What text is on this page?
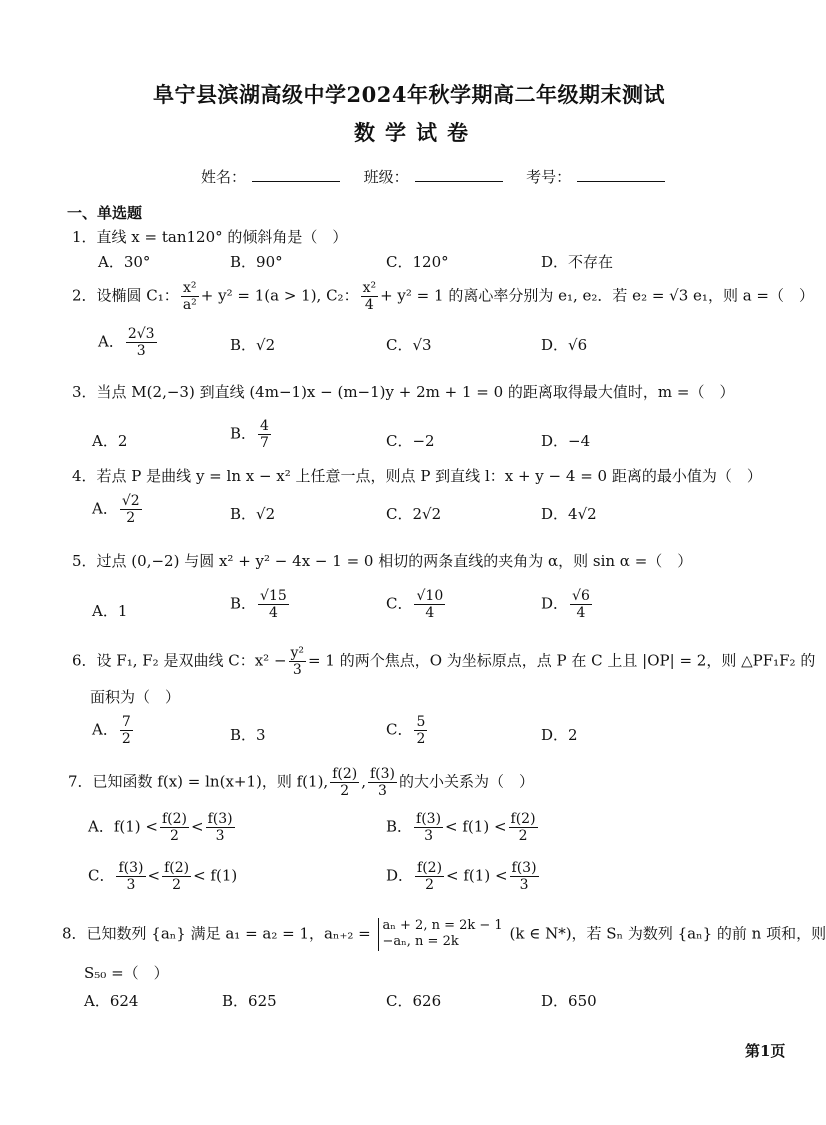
阜宁县滨湖高级中学2024年秋学期高二年级期末测试
数学试卷
姓名：	班级：	考号：
一、单选题
1．直线 x = tan120° 的倾斜角是（　）
A．30°	B．90°	C．120°	D．不存在
2．设椭圆 C₁： $\frac{\text{x²}}{\text{a²}} + y^2 = 1(a > 1)$, C₂： $\frac{\text{x²}}{4} + y^2 = 1$ 的离心率分别为 e₁, e₂．若 e₂ = √3 e₁，则 a =（　）
A． $\frac{2√3}{3}$	B．√2	C．√3	D．√6
3．当点 M(2,−3) 到直线 (4m−1)x − (m−1)y + 2m + 1 = 0 的距离取得最大值时，m =（　）
A．2	B． $\frac{4}{7}$	C．−2	D．−4
4．若点 P 是曲线 y = ln x − x² 上任意一点，则点 P 到直线 l：x + y − 4 = 0 距离的最小值为（　）
A． $\frac{√2}{2}$	B．√2	C．2√2	D．4√2
5．过点 (0,−2) 与圆 x² + y² − 4x − 1 = 0 相切的两条直线的夹角为 α，则 sin α =（　）
A．1	B． $\frac{√15}{4}$	C． $\frac{√10}{4}$	D． $\frac{√6}{4}$
6．设 F₁, F₂ 是双曲线 C：$x^2 - \frac{\text{y²}}{3} = 1$ 的两个焦点，O 为坐标原点，点 P 在 C 上且 |OP| = 2，则 △PF₁F₂ 的
面积为（　）
A． $\frac{7}{2}$	B．3	C． $\frac{5}{2}$	D．2
7．已知函数 f(x) = ln(x+1)，则 f(1), $\frac{f(2)}{2}$ , $\frac{f(3)}{3}$ 的大小关系为（　）
A．$f(1) < \frac{f(2)}{2} < \frac{f(3)}{3}$	B． $\frac{f(3)}{3} < f(1) < \frac{f(2)}{2}$
C． $\frac{f(3)}{3} < \frac{f(2)}{2} < f(1)$	D． $\frac{f(2)}{2} < f(1) < \frac{f(3)}{3}$
8．已知数列 {aₙ} 满足 a₁ = a₂ = 1，aₙ₊₂ = aₙ + 2, n = 2k − 1
−aₙ, n = 2k	(k ∈ N*)，若 Sₙ 为数列 {aₙ} 的前 n 项和，则
S₅₀ =（　）
A．624	B．625	C．626	D．650
第1页
